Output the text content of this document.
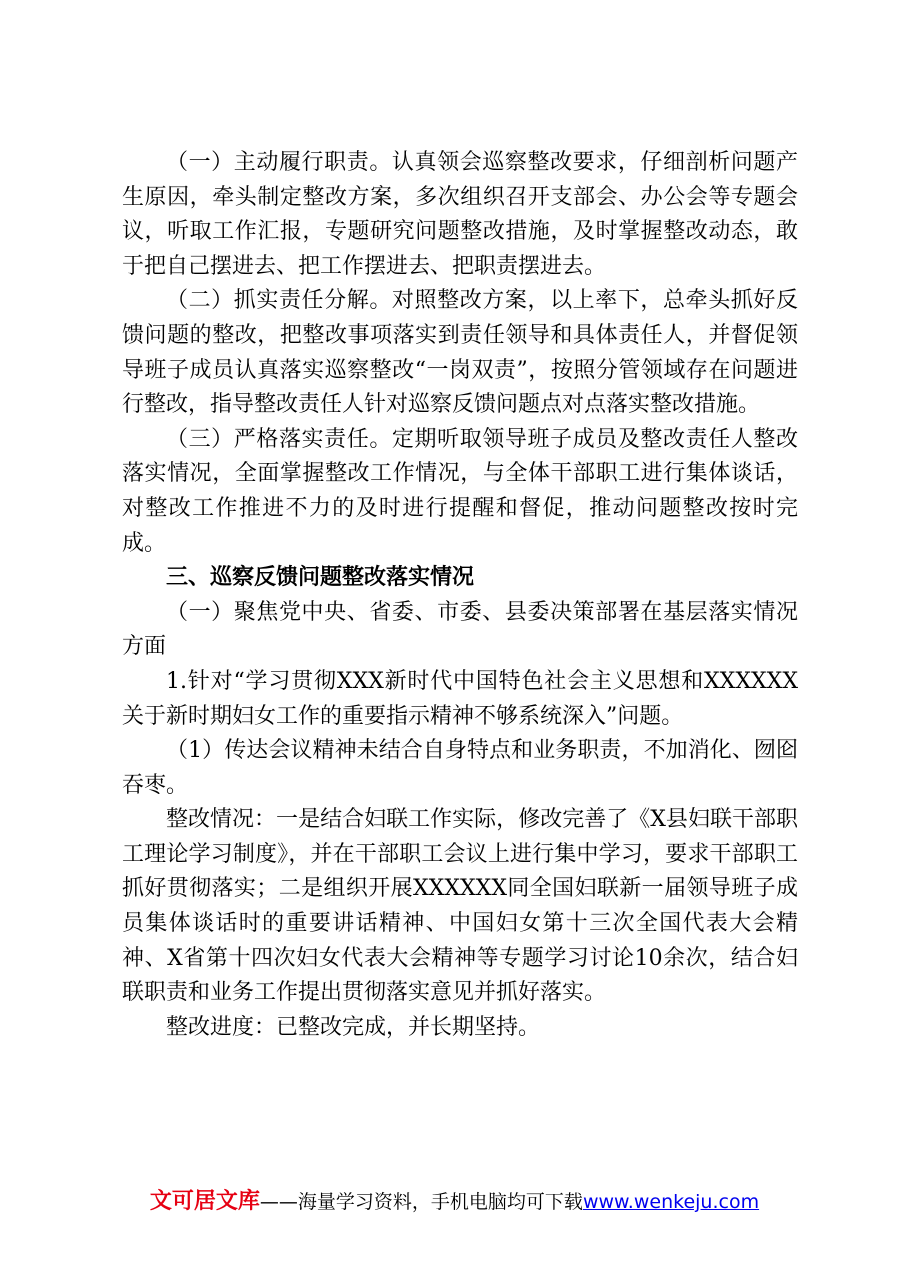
（一）主动履行职责。认真领会巡察整改要求，仔细剖析问题产生原因，牵头制定整改方案，多次组织召开支部会、办公会等专题会议，听取工作汇报，专题研究问题整改措施，及时掌握整改动态，敢于把自己摆进去、把工作摆进去、把职责摆进去。

（二）抓实责任分解。对照整改方案，以上率下，总牵头抓好反馈问题的整改，把整改事项落实到责任领导和具体责任人，并督促领导班子成员认真落实巡察整改“一岗双责”，按照分管领域存在问题进行整改，指导整改责任人针对巡察反馈问题点对点落实整改措施。

（三）严格落实责任。定期听取领导班子成员及整改责任人整改落实情况，全面掌握整改工作情况，与全体干部职工进行集体谈话，对整改工作推进不力的及时进行提醒和督促，推动问题整改按时完成。

三、巡察反馈问题整改落实情况

（一）聚焦党中央、省委、市委、县委决策部署在基层落实情况方面

1.针对“学习贯彻XXX新时代中国特色社会主义思想和XXXXXX关于新时期妇女工作的重要指示精神不够系统深入”问题。

（1）传达会议精神未结合自身特点和业务职责，不加消化、囫囵吞枣。

整改情况：一是结合妇联工作实际，修改完善了《X县妇联干部职工理论学习制度》，并在干部职工会议上进行集中学习，要求干部职工抓好贯彻落实；二是组织开展XXXXXX同全国妇联新一届领导班子成员集体谈话时的重要讲话精神、中国妇女第十三次全国代表大会精神、X省第十四次妇女代表大会精神等专题学习讨论10余次，结合妇联职责和业务工作提出贯彻落实意见并抓好落实。

整改进度：已整改完成，并长期坚持。

文可居文库——海量学习资料，手机电脑均可下载www.wenkeju.com
